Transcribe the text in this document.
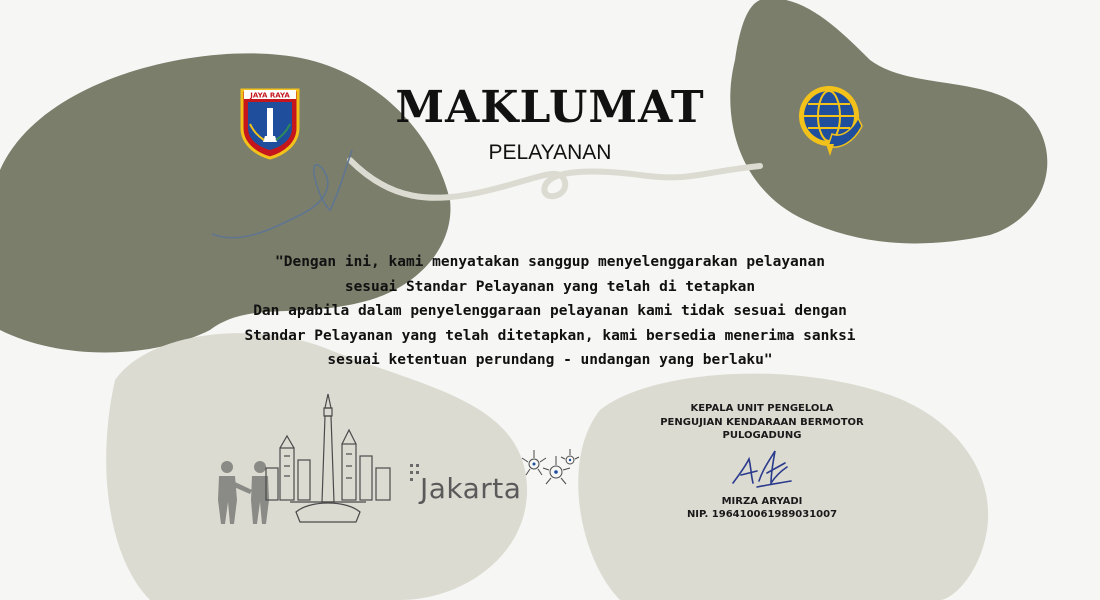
JAYA RAYA	MAKLUMAT
PELAYANAN
"Dengan ini, kami menyatakan sanggup menyelenggarakan pelayanan
sesuai Standar Pelayanan yang telah di tetapkan
Dan apabila dalam penyelenggaraan pelayanan kami tidak sesuai dengan
Standar Pelayanan yang telah ditetapkan, kami bersedia menerima sanksi
sesuai ketentuan perundang - undangan yang berlaku"
Jakarta
KEPALA UNIT PENGELOLA
PENGUJIAN KENDARAAN BERMOTOR
PULOGADUNG
MIRZA ARYADI
NIP. 196410061989031007
